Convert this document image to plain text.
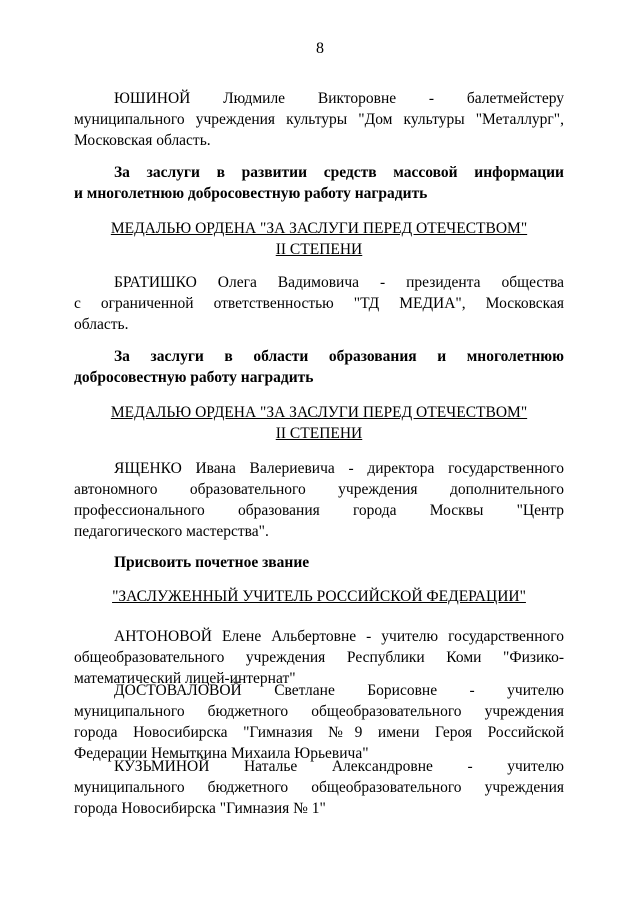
8
ЮШИНОЙ Людмиле Викторовне - балетмейстеру
муниципального учреждения культуры "Дом культуры "Металлург",
Московская область.
За заслуги в развитии средств массовой информации
и многолетнюю добросовестную работу наградить
МЕДАЛЬЮ ОРДЕНА "ЗА ЗАСЛУГИ ПЕРЕД ОТЕЧЕСТВОМ"
II СТЕПЕНИ
БРАТИШКО Олега Вадимовича - президента общества
с ограниченной ответственностью "ТД МЕДИА", Московская
область.
За заслуги в области образования и многолетнюю
добросовестную работу наградить
МЕДАЛЬЮ ОРДЕНА "ЗА ЗАСЛУГИ ПЕРЕД ОТЕЧЕСТВОМ"
II СТЕПЕНИ
ЯЩЕНКО Ивана Валериевича - директора государственного
автономного образовательного учреждения дополнительного
профессионального образования города Москвы "Центр
педагогического мастерства".
Присвоить почетное звание
"ЗАСЛУЖЕННЫЙ УЧИТЕЛЬ РОССИЙСКОЙ ФЕДЕРАЦИИ"
АНТОНОВОЙ Елене Альбертовне - учителю государственного
общеобразовательного учреждения Республики Коми "Физико-
математический лицей-интернат"
ДОСТОВАЛОВОЙ Светлане Борисовне - учителю
муниципального бюджетного общеобразовательного учреждения
города Новосибирска "Гимназия №9 имени Героя Российской
Федерации Немыткина Михаила Юрьевича"
КУЗЬМИНОЙ Наталье Александровне - учителю
муниципального бюджетного общеобразовательного учреждения
города Новосибирска "Гимназия № 1"
